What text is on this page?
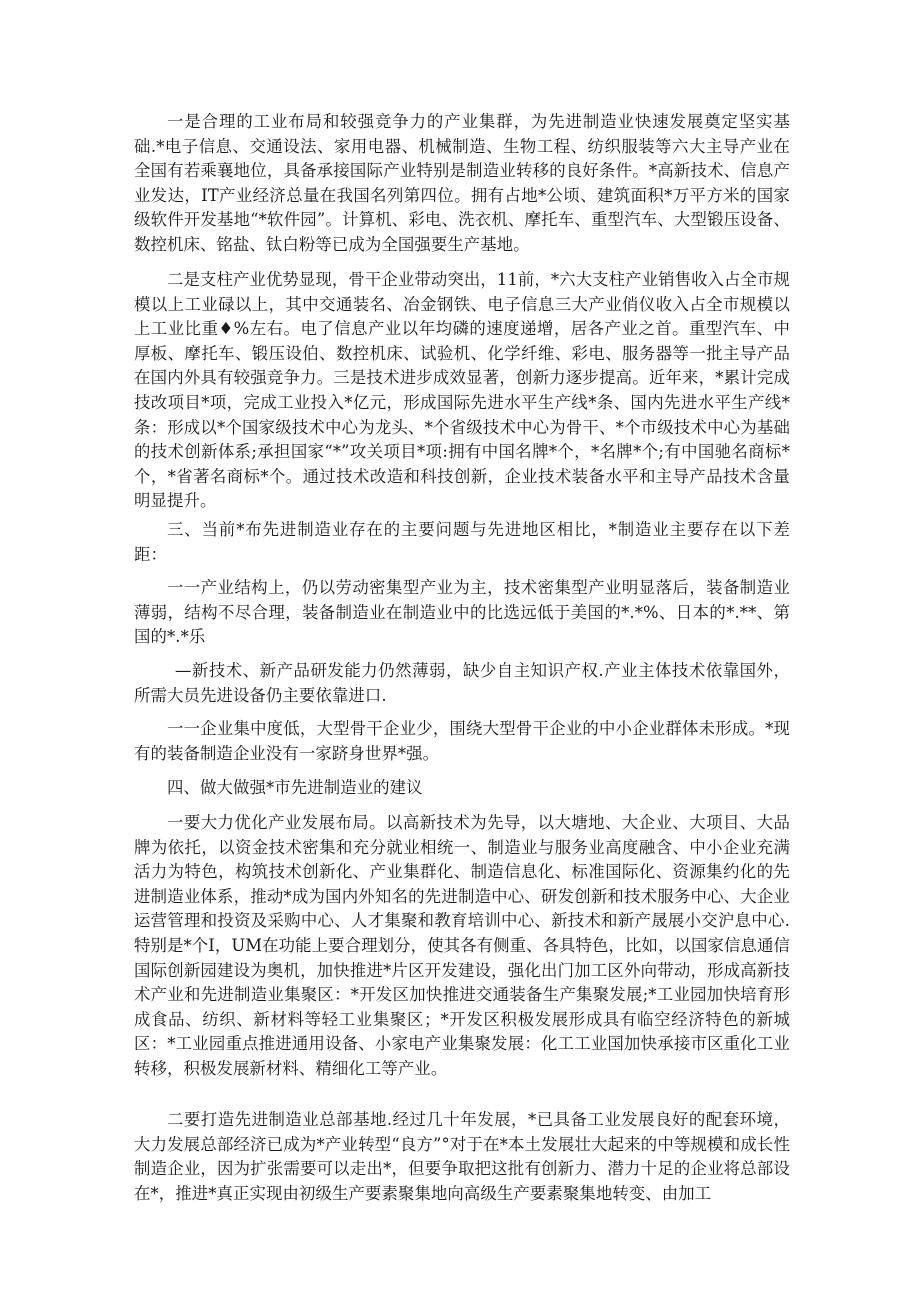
一是合理的工业布局和较强竞争力的产业集群，为先进制造业快速发展奠定坚实基础.*电子信息、交通设法、家用电器、机械制造、生物工程、纺织服装等六大主导产业在全国有若乘襄地位，具备承接国际产业特别是制造业转移的良好条件。*高新技术、信息产业发达，IT产业经济总量在我国名列第四位。拥有占地*公顷、建筑面积*万平方米的国家级软件开发基地“*软件园”。计算机、彩电、洗衣机、摩托车、重型汽车、大型锻压设备、数控机床、铭盐、钛白粉等已成为全国强要生产基地。

二是支柱产业优势显现，骨干企业带动突出，11前，*六大支柱产业销售收入占全市规模以上工业碌以上，其中交通装名、冶金钢铁、电子信息三大产业俏仪收入占全市规模以上工业比重♦%左右。电了信息产业以年均磷的速度递增，居各产业之首。重型汽车、中厚板、摩托车、锻压设伯、数控机床、试验机、化学纤维、彩电、服务器等一批主导产品在国内外具有较强竞争力。三是技术进步成效显著，创新力逐步提高。近年来，*累计完成技改项目*项，完成工业投入*亿元，形成国际先进水平生产线*条、国内先进水平生产线*条：形成以*个国家级技术中心为龙头、*个省级技术中心为骨干、*个市级技术中心为基础的技术创新体系;承担国家“*”攻关项目*项:拥有中国名牌*个，*名牌*个;有中国驰名商标*个，*省著名商标*个。通过技术改造和科技创新，企业技术装备水平和主导产品技术含量明显提升。

三、当前*布先进制造业存在的主要问题与先进地区相比，*制造业主要存在以下差距：

一一产业结构上，仍以劳动密集型产业为主，技术密集型产业明显落后，装备制造业薄弱，结构不尽合理，装备制造业在制造业中的比选远低于美国的*.*%、日本的*.**、第国的*.*乐

—新技术、新产品研发能力仍然薄弱，缺少自主知识产权.产业主体技术依靠国外，所需大员先进设备仍主要依靠进口.

一一企业集中度低，大型骨干企业少，围绕大型骨干企业的中小企业群体未形成。*现有的装备制造企业没有一家跻身世界*强。

四、做大做强*市先进制造业的建议

一要大力优化产业发展布局。以高新技术为先导，以大塘地、大企业、大项目、大品牌为依托，以资金技术密集和充分就业相统一、制造业与服务业高度融含、中小企业充满活力为特色，构筑技术创新化、产业集群化、制造信息化、标准国际化、资源集约化的先进制造业体系，推动*成为国内外知名的先进制造中心、研发创新和技术服务中心、大企业运营管理和投资及采购中心、人才集聚和教育培训中心、新技术和新产晟展小交沪息中心.特别是*个I，UM在功能上要合理划分，使其各有侧重、各具特色，比如，以国家信息通信国际创新园建设为奥机，加快推进*片区开发建设，强化出门加工区外向带动，形成高新技术产业和先进制造业集聚区：*开发区加快推进交通装备生产集聚发展;*工业园加快培育形成食品、纺织、新材料等轻工业集聚区；*开发区积极发展形成具有临空经济特色的新城区：*工业园重点推进通用设备、小家电产业集聚发展：化工工业国加快承接市区重化工业转移，积极发展新材料、精细化工等产业。

二要打造先进制造业总部基地.经过几十年发展，*已具备工业发展良好的配套环境，大力发展总部经济已成为*产业转型“良方”°对于在*本土发展壮大起来的中等规模和成长性制造企业，因为扩张需要可以走出*，但要争取把这批有创新力、潜力十足的企业将总部设在*，推进*真正实现由初级生产要素聚集地向高级生产要素聚集地转变、由加工
